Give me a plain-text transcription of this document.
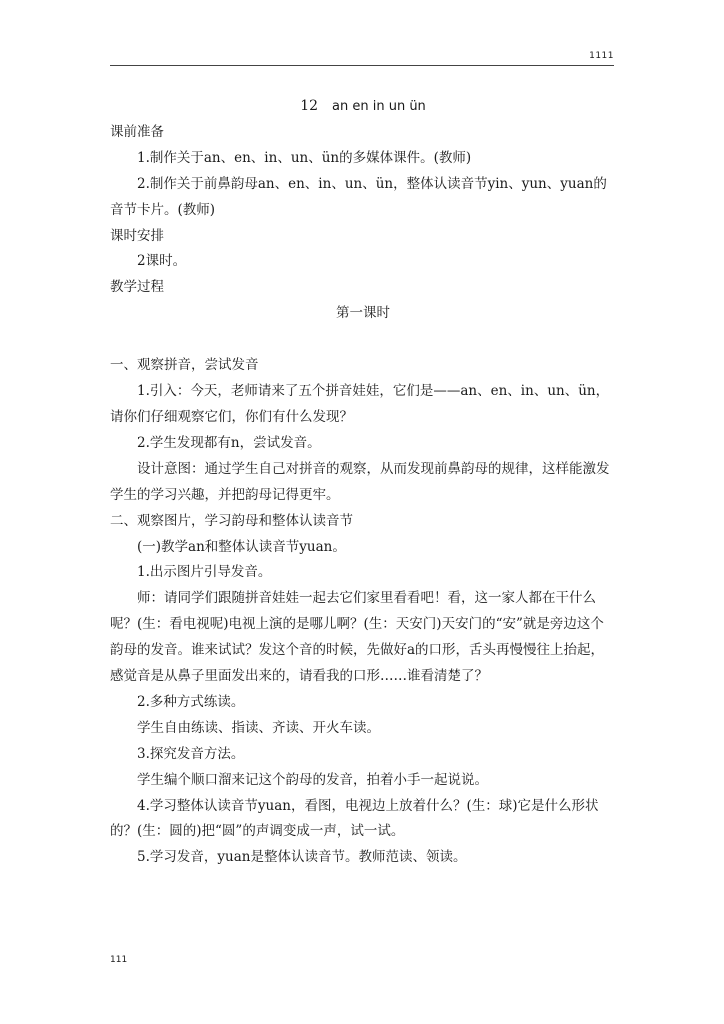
1111

12 an en in un ün

课前准备

1.制作关于an、en、in、un、ün的多媒体课件。(教师)

2.制作关于前鼻韵母an、en、in、un、ün，整体认读音节yin、yun、yuan的音节卡片。(教师)

课时安排

2课时。

教学过程

第一课时

一、观察拼音，尝试发音

1.引入：今天，老师请来了五个拼音娃娃，它们是——an、en、in、un、ün，请你们仔细观察它们，你们有什么发现？

2.学生发现都有n，尝试发音。

设计意图：通过学生自己对拼音的观察，从而发现前鼻韵母的规律，这样能激发学生的学习兴趣，并把韵母记得更牢。

二、观察图片，学习韵母和整体认读音节

(一)教学an和整体认读音节yuan。

1.出示图片引导发音。

师：请同学们跟随拼音娃娃一起去它们家里看看吧！看，这一家人都在干什么呢？(生：看电视呢)电视上演的是哪儿啊？(生：天安门)天安门的“安”就是旁边这个韵母的发音。谁来试试？发这个音的时候，先做好a的口形，舌头再慢慢往上抬起，感觉音是从鼻子里面发出来的，请看我的口形……谁看清楚了？

2.多种方式练读。

学生自由练读、指读、齐读、开火车读。

3.探究发音方法。

学生编个顺口溜来记这个韵母的发音，拍着小手一起说说。

4.学习整体认读音节yuan，看图，电视边上放着什么？(生：球)它是什么形状的？(生：圆的)把“圆”的声调变成一声，试一试。

5.学习发音，yuan是整体认读音节。教师范读、领读。

111
